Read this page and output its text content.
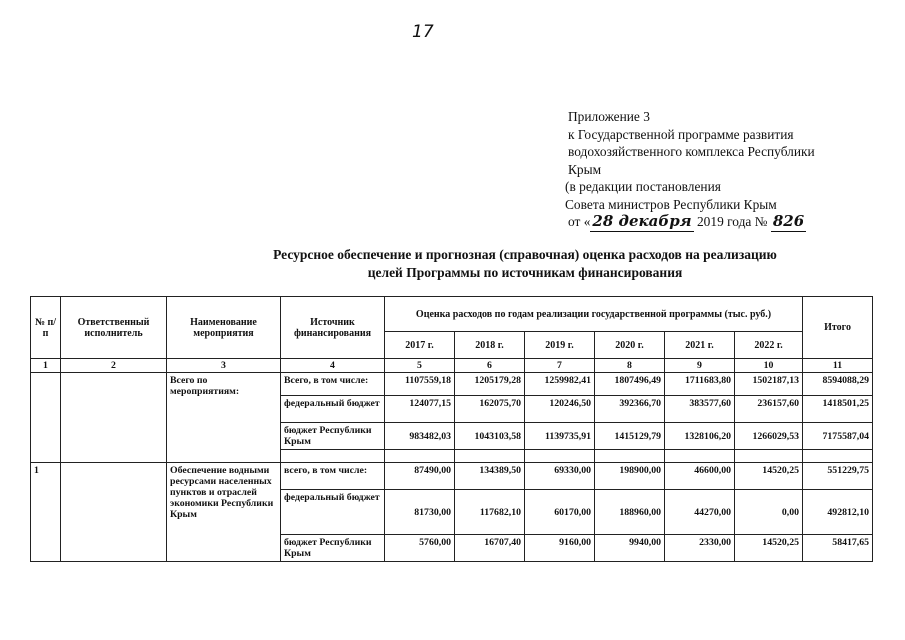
17
Приложение 3
к Государственной программе развития
водохозяйственного комплекса Республики
Крым
(в редакции постановления
Совета министров Республики Крым
от « 28 декабря 2019 года № 826
Ресурсное обеспечение и прогнозная (справочная) оценка расходов на реализацию
целей Программы по источникам финансирования
№ п/п	Ответственный исполнитель	Наименование мероприятия	Источник финансирования	Оценка расходов по годам реализации государственной программы (тыс. руб.)						Итого
				2017 г.	2018 г.	2019 г.	2020 г.	2021 г.	2022 г.	
1	2	3	4	5	6	7	8	9	10	11
		Всего по мероприятиям:	Всего, в том числе:	1107559,18	1205179,28	1259982,41	1807496,49	1711683,80	1502187,13	8594088,29
			федеральный бюджет	124077,15	162075,70	120246,50	392366,70	383577,60	236157,60	1418501,25
			бюджет Республики Крым	983482,03	1043103,58	1139735,91	1415129,79	1328106,20	1266029,53	7175587,04

1		Обеспечение водными ресурсами населенных пунктов и отраслей экономики Республики Крым	всего, в том числе:	87490,00	134389,50	69330,00	198900,00	46600,00	14520,25	551229,75
			федеральный бюджет	81730,00	117682,10	60170,00	188960,00	44270,00	0,00	492812,10
			бюджет Республики Крым	5760,00	16707,40	9160,00	9940,00	2330,00	14520,25	58417,65
